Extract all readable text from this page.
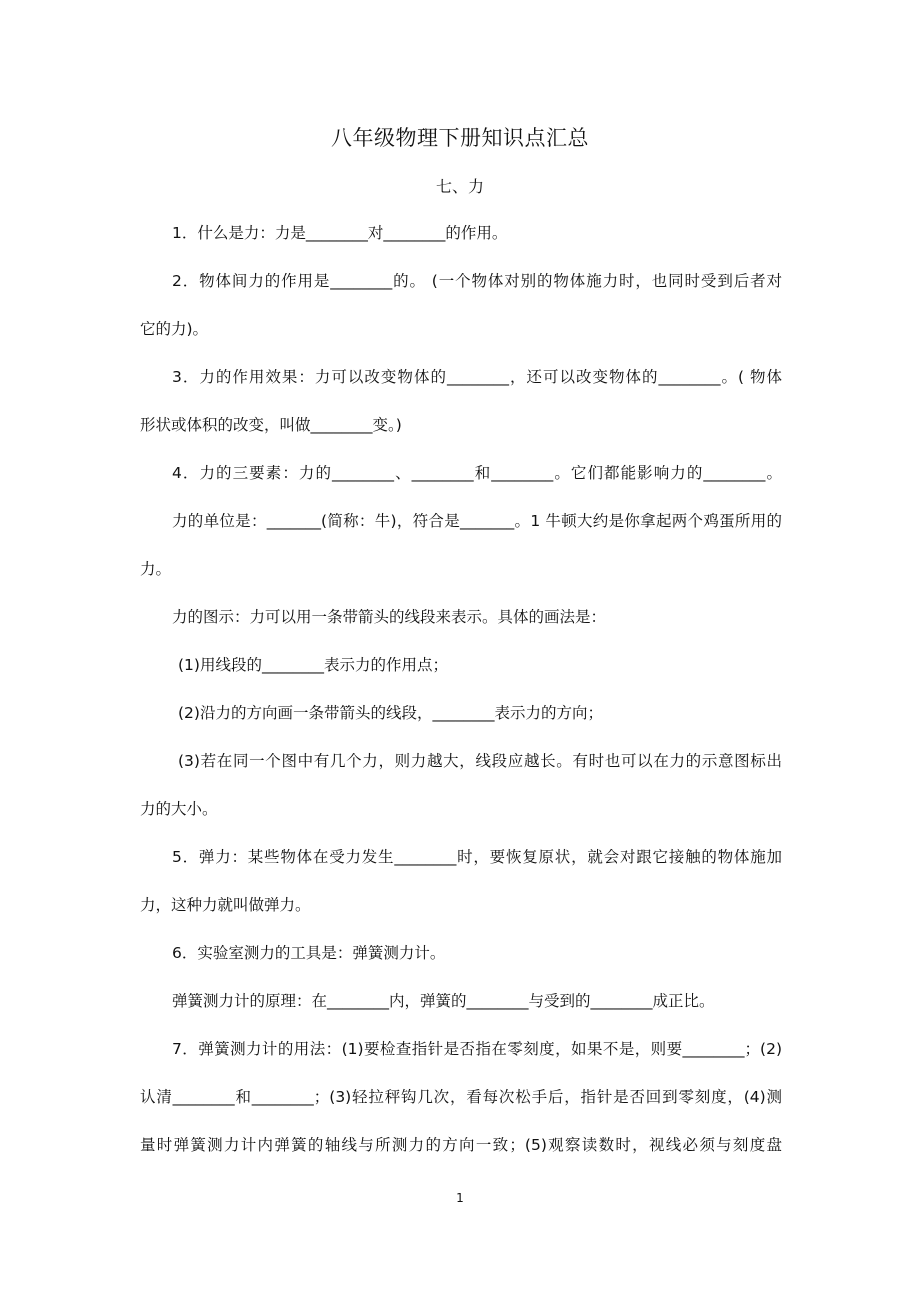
八年级物理下册知识点汇总
七、力
1．什么是力：力是________对________的作用。
2．物体间力的作用是________的。 (一个物体对别的物体施力时，也同时受到后者对
它的力)。
3．力的作用效果：力可以改变物体的________，还可以改变物体的________。( 物体
形状或体积的改变，叫做________变。)
4．力的三要素：力的________、________和________。它们都能影响力的________。
力的单位是：_______(简称：牛)，符合是_______。1 牛顿大约是你拿起两个鸡蛋所用的
力。
力的图示：力可以用一条带箭头的线段来表示。具体的画法是：
(1)用线段的________表示力的作用点；
(2)沿力的方向画一条带箭头的线段，________表示力的方向；
(3)若在同一个图中有几个力，则力越大，线段应越长。有时也可以在力的示意图标出
力的大小。
5．弹力：某些物体在受力发生________时，要恢复原状，就会对跟它接触的物体施加
力，这种力就叫做弹力。
6．实验室测力的工具是：弹簧测力计。
弹簧测力计的原理：在________内，弹簧的________与受到的________成正比。
7．弹簧测力计的用法：(1)要检查指针是否指在零刻度，如果不是，则要________；(2)
认清________和________；(3)轻拉秤钩几次，看每次松手后，指针是否回到零刻度，(4)测
量时弹簧测力计内弹簧的轴线与所测力的方向一致；(5)观察读数时，视线必须与刻度盘
1
